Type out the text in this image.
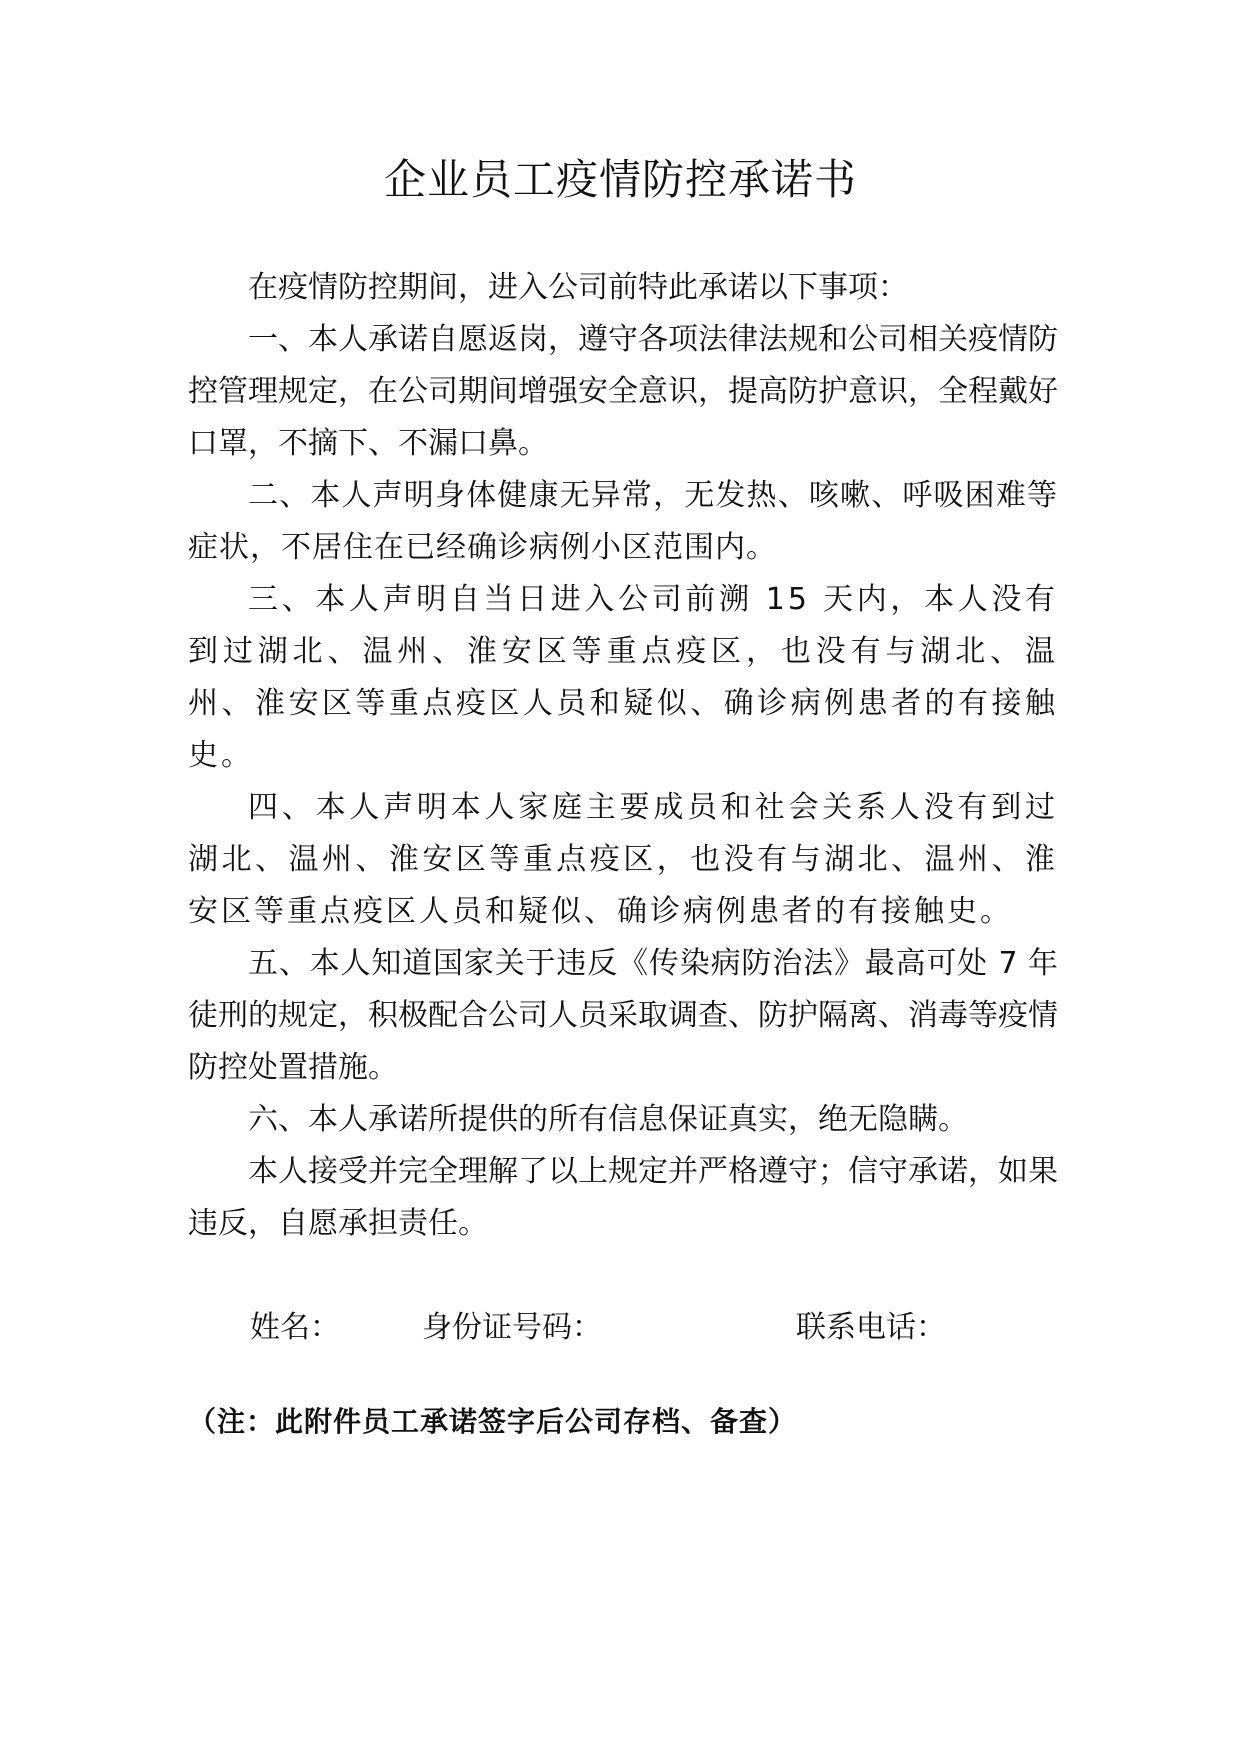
企业员工疫情防控承诺书

在疫情防控期间，进入公司前特此承诺以下事项：

一、本人承诺自愿返岗，遵守各项法律法规和公司相关疫情防控管理规定，在公司期间增强安全意识，提高防护意识，全程戴好口罩，不摘下、不漏口鼻。

二、本人声明身体健康无异常，无发热、咳嗽、呼吸困难等症状，不居住在已经确诊病例小区范围内。

三、本人声明自当日进入公司前溯 15 天内，本人没有到过湖北、温州、淮安区等重点疫区，也没有与湖北、温州、淮安区等重点疫区人员和疑似、确诊病例患者的有接触史。

四、本人声明本人家庭主要成员和社会关系人没有到过湖北、温州、淮安区等重点疫区，也没有与湖北、温州、淮安区等重点疫区人员和疑似、确诊病例患者的有接触史。

五、本人知道国家关于违反《传染病防治法》最高可处 7 年徒刑的规定，积极配合公司人员采取调查、防护隔离、消毒等疫情防控处置措施。

六、本人承诺所提供的所有信息保证真实，绝无隐瞒。

本人接受并完全理解了以上规定并严格遵守；信守承诺，如果违反，自愿承担责任。

姓名：	身份证号码：	联系电话：
（注：此附件员工承诺签字后公司存档、备查）
